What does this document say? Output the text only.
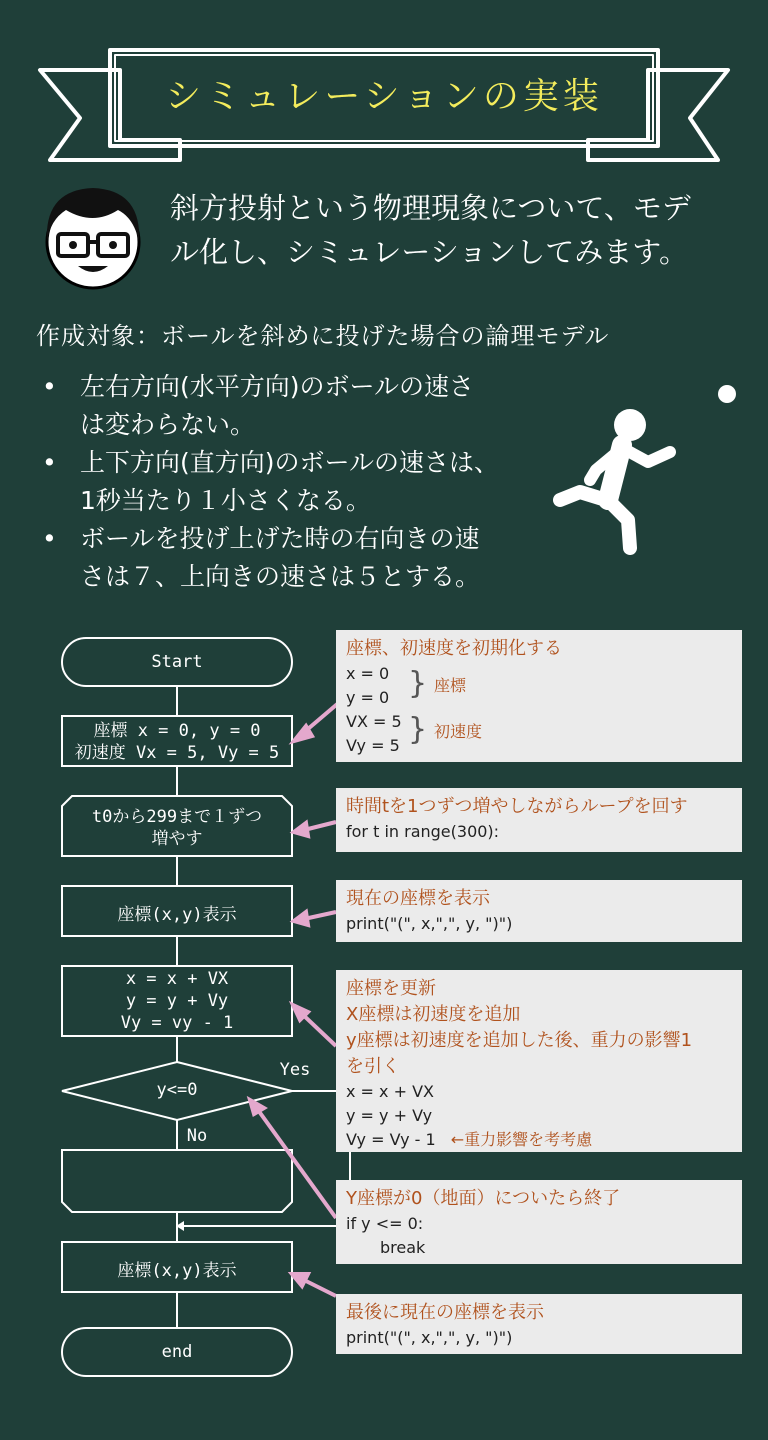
シミュレーションの実装
斜方投射という物理現象について、モデ
ル化し、シミュレーションしてみます。
作成対象：ボールを斜めに投げた場合の論理モデル
• 左右方向(水平方向)のボールの速さ
は変わらない。
• 上下方向(直方向)のボールの速さは、
1秒当たり１小さくなる。
• ボールを投げ上げた時の右向きの速
さは７、上向きの速さは５とする。
Start
座標 x = 0, y = 0
初速度 Vx = 5, Vy = 5
t0から299まで１ずつ
増やす
座標(x,y)表示
x = x + VX
y = y + Vy
Vy = vy - 1
y<=0
Yes
No
座標(x,y)表示
end
座標、初速度を初期化する
x = 0
y = 0
VX = 5
Vy = 5
} 座標
} 初速度
時間tを1つずつ増やしながらループを回す
for t in range(300):
現在の座標を表示
print("(", x,",", y, ")")
座標を更新
X座標は初速度を追加
y座標は初速度を追加した後、重力の影響1
を引く
x = x + VX
y = y + Vy
Vy = Vy - 1 ←重力影響を考考慮
Y座標が0（地面）についたら終了
if y <= 0:
break
最後に現在の座標を表示
print("(", x,",", y, ")")
